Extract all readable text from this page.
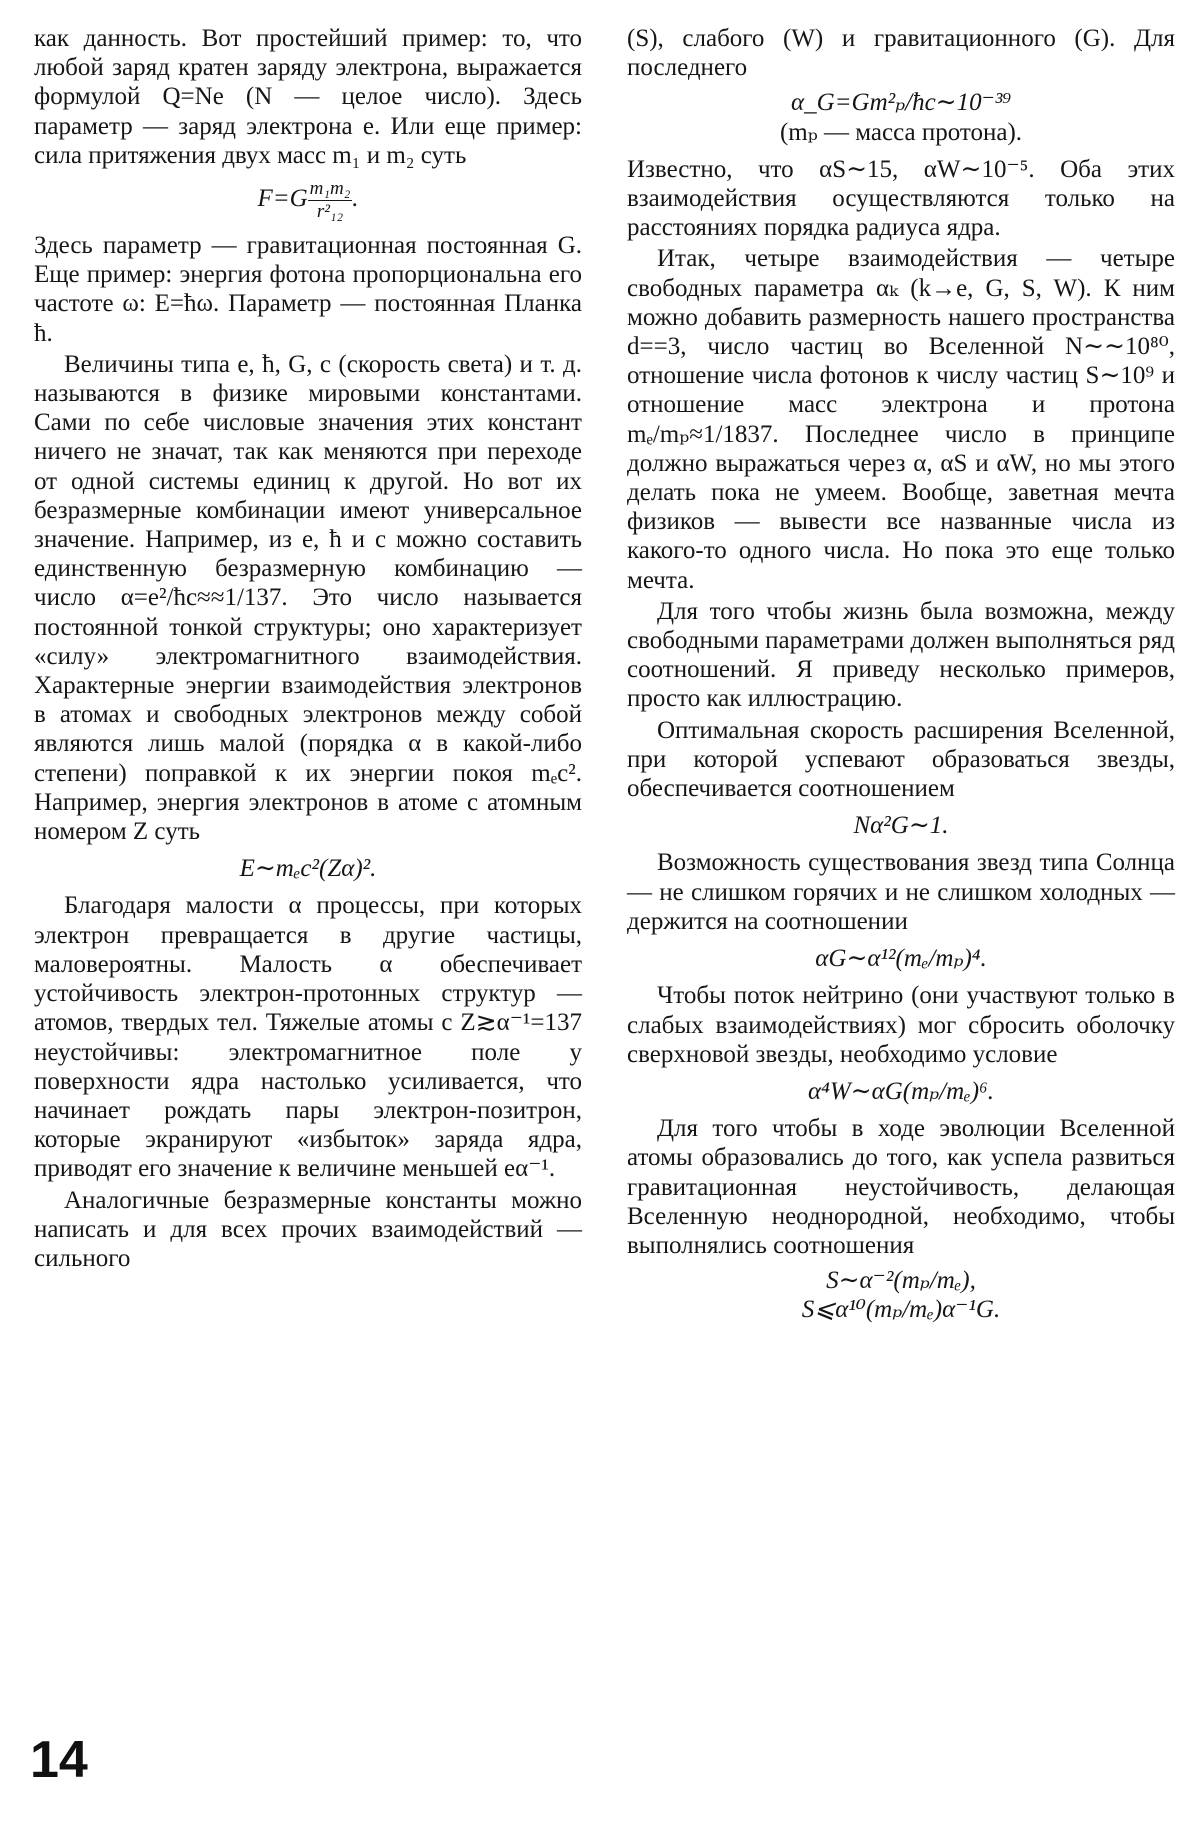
как данность. Вот простейший пример: то, что любой заряд кратен заряду электрона, выражается формулой Q=Ne (N — целое число). Здесь параметр — заряд электрона e. Или еще пример: сила притяжения двух масс m₁ и m₂ суть

$F=G \frac{\text{m₁m₂}}{\text{r²₁₂}}$ .

Здесь параметр — гравитационная постоянная G. Еще пример: энергия фотона пропорциональна его частоте ω: E=ħω. Параметр — постоянная Планка ħ.

Величины типа e, ħ, G, c (скорость света) и т. д. называются в физике мировыми константами. Сами по себе числовые значения этих констант ничего не значат, так как меняются при переходе от одной системы единиц к другой. Но вот их безразмерные комбинации имеют универсальное значение. Например, из e, ħ и c можно составить единственную безразмерную комбинацию — число α=e²/ħc≈≈1/137. Это число называется постоянной тонкой структуры; оно характеризует «силу» электромагнитного взаимодействия. Характерные энергии взаимодействия электронов в атомах и свободных электронов между собой являются лишь малой (порядка α в какой-либо степени) поправкой к их энергии покоя mₑc². Например, энергия электронов в атоме с атомным номером Z суть

E∼mₑc²(Zα)².

Благодаря малости α процессы, при которых электрон превращается в другие частицы, маловероятны. Малость α обеспечивает устойчивость электрон-протонных структур — атомов, твердых тел. Тяжелые атомы с Z≳α⁻¹=137 неустойчивы: электромагнитное поле у поверхности ядра настолько усиливается, что начинает рождать пары электрон-позитрон, которые экранируют «избыток» заряда ядра, приводят его значение к величине меньшей eα⁻¹.

Аналогичные безразмерные константы можно написать и для всех прочих взаимодействий — сильного

(S), слабого (W) и гравитационного (G). Для последнего

α_G=Gm²ₚ/ħc∼10⁻³⁹
(mₚ — масса протона).

Известно, что αS∼15, αW∼10⁻⁵. Оба этих взаимодействия осуществляются только на расстояниях порядка радиуса ядра.

Итак, четыре взаимодействия — четыре свободных параметра αₖ (k→e, G, S, W). К ним можно добавить размерность нашего пространства d==3, число частиц во Вселенной N∼∼10⁸⁰, отношение числа фотонов к числу частиц S∼10⁹ и отношение масс электрона и протона mₑ/mₚ≈1/1837. Последнее число в принципе должно выражаться через α, αS и αW, но мы этого делать пока не умеем. Вообще, заветная мечта физиков — вывести все названные числа из какого-то одного числа. Но пока это еще только мечта.

Для того чтобы жизнь была возможна, между свободными параметрами должен выполняться ряд соотношений. Я приведу несколько примеров, просто как иллюстрацию.

Оптимальная скорость расширения Вселенной, при которой успевают образоваться звезды, обеспечивается соотношением

Nα²G∼1.

Возможность существования звезд типа Солнца — не слишком горячих и не слишком холодных — держится на соотношении

αG∼α¹²(mₑ/mₚ)⁴.

Чтобы поток нейтрино (они участвуют только в слабых взаимодействиях) мог сбросить оболочку сверхновой звезды, необходимо условие

α⁴W∼αG(mₚ/mₑ)⁶.

Для того чтобы в ходе эволюции Вселенной атомы образовались до того, как успела развиться гравитационная неустойчивость, делающая Вселенную неоднородной, необходимо, чтобы выполнялись соотношения

S∼α⁻²(mₚ/mₑ),
S⩽α¹⁰(mₚ/mₑ)α⁻¹G.
14
